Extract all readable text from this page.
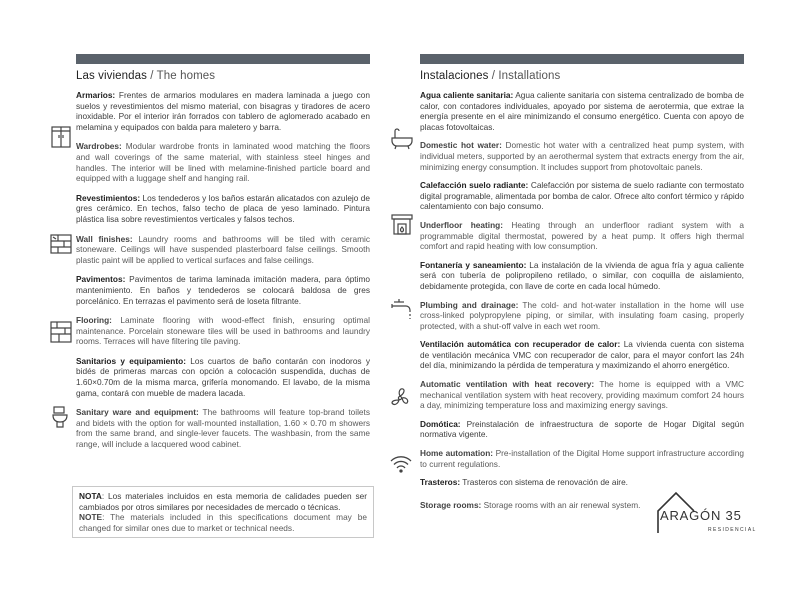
Las viviendas / The homes

Armarios: Frentes de armarios modulares en madera laminada a juego con suelos y revestimientos del mismo material, con bisagras y tiradores de acero inoxidable. Por el interior irán forrados con tablero de aglomerado acabado en melamina y equipados con balda para maletero y barra.

Wardrobes: Modular wardrobe fronts in laminated wood matching the floors and wall coverings of the same material, with stainless steel hinges and handles. The interior will be lined with melamine-finished particle board and equipped with a luggage shelf and hanging rail.

Revestimientos: Los tendederos y los baños estarán alicatados con azulejo de gres cerámico. En techos, falso techo de placa de yeso laminado. Pintura plástica lisa sobre revestimientos verticales y falsos techos.

Wall finishes: Laundry rooms and bathrooms will be tiled with ceramic stoneware. Ceilings will have suspended plasterboard false ceilings. Smooth plastic paint will be applied to vertical surfaces and false ceilings.

Pavimentos: Pavimentos de tarima laminada imitación madera, para óptimo mantenimiento. En baños y tendederos se colocará baldosa de gres porcelánico. En terrazas el pavimento será de loseta filtrante.

Flooring: Laminate flooring with wood-effect finish, ensuring optimal maintenance. Porcelain stoneware tiles will be used in bathrooms and laundry rooms. Terraces will have filtering tile paving.

Sanitarios y equipamiento: Los cuartos de baño contarán con inodoros y bidés de primeras marcas con opción a colocación suspendida, duchas de 1.60×0.70m de la misma marca, grifería monomando. El lavabo, de la misma gama, contará con mueble de madera lacada.

Sanitary ware and equipment: The bathrooms will feature top-brand toilets and bidets with the option for wall-mounted installation, 1.60 × 0.70 m showers from the same brand, and single-lever faucets. The washbasin, from the same range, will include a lacquered wood cabinet.

NOTA: Los materiales incluidos en esta memoria de calidades pueden ser cambiados por otros similares por necesidades de mercado o técnicas.

NOTE: The materials included in this specifications document may be changed for similar ones due to market or technical needs.

Instalaciones / Installations

Agua caliente sanitaria: Agua caliente sanitaria con sistema centralizado de bomba de calor, con contadores individuales, apoyado por sistema de aerotermia, que extrae la energía presente en el aire minimizando el consumo energético. Cuenta con apoyo de placas fotovoltaicas.

Domestic hot water: Domestic hot water with a centralized heat pump system, with individual meters, supported by an aerothermal system that extracts energy from the air, minimizing energy consumption. It includes support from photovoltaic panels.

Calefacción suelo radiante: Calefacción por sistema de suelo radiante con termostato digital programable, alimentada por bomba de calor. Ofrece alto confort térmico y rápido calentamiento con bajo consumo.

Underfloor heating: Heating through an underfloor radiant system with a programmable digital thermostat, powered by a heat pump. It offers high thermal comfort and rapid heating with low consumption.

Fontanería y saneamiento: La instalación de la vivienda de agua fría y agua caliente será con tubería de polipropileno retilado, o similar, con coquilla de aislamiento, debidamente protegida, con llave de corte en cada local húmedo.

Plumbing and drainage: The cold- and hot-water installation in the home will use cross-linked polypropylene piping, or similar, with insulating foam casing, properly protected, with a shut-off valve in each wet room.

Ventilación automática con recuperador de calor: La vivienda cuenta con sistema de ventilación mecánica VMC con recuperador de calor, para el mayor confort las 24h del día, minimizando la pérdida de temperatura y maximizando el ahorro energético.

Automatic ventilation with heat recovery: The home is equipped with a VMC mechanical ventilation system with heat recovery, providing maximum comfort 24 hours a day, minimizing temperature loss and maximizing energy savings.

Domótica: Preinstalación de infraestructura de soporte de Hogar Digital según normativa vigente.

Home automation: Pre-installation of the Digital Home support infrastructure according to current regulations.

Trasteros: Trasteros con sistema de renovación de aire.

Storage rooms: Storage rooms with an air renewal system.

ARAGÓN 35
RESIDENCIAL
